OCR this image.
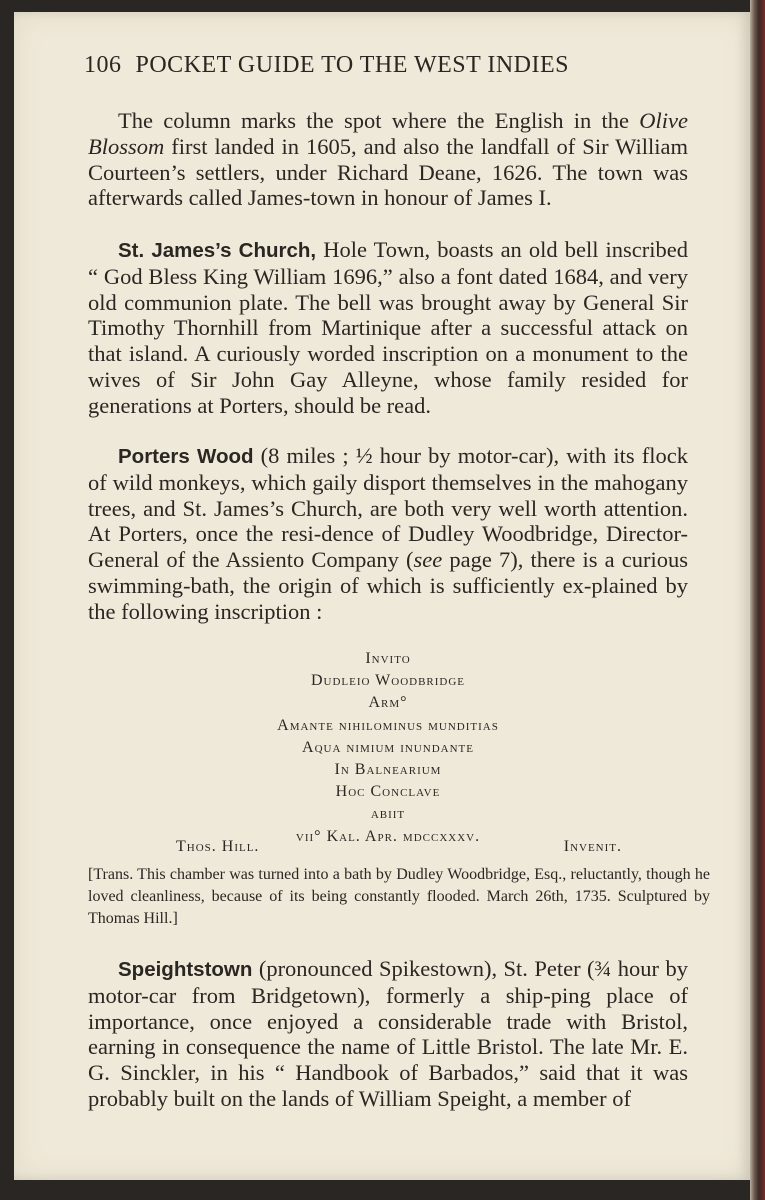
106 POCKET GUIDE TO THE WEST INDIES

The column marks the spot where the English in the Olive Blossom first landed in 1605, and also the landfall of Sir William Courteen’s settlers, under Richard Deane, 1626. The town was afterwards called James-town in honour of James I.

St. James’s Church, Hole Town, boasts an old bell inscribed “ God Bless King William 1696,” also a font dated 1684, and very old communion plate. The bell was brought away by General Sir Timothy Thornhill from Martinique after a successful attack on that island. A curiously worded inscription on a monument to the wives of Sir John Gay Alleyne, whose family resided for generations at Porters, should be read.

Porters Wood (8 miles ; ½ hour by motor-car), with its flock of wild monkeys, which gaily disport themselves in the mahogany trees, and St. James’s Church, are both very well worth attention. At Porters, once the resi-dence of Dudley Woodbridge, Director-General of the Assiento Company (see page 7), there is a curious swimming-bath, the origin of which is sufficiently ex-plained by the following inscription :

Invito
Dudleio Woodbridge
Arm°
Amante nihilominus munditias
Aqua nimium inundante
In Balnearium
Hoc Conclave
abiit
vii° Kal. Apr. mdccxxxv.
Thos. Hill.	Invenit.

[Trans. This chamber was turned into a bath by Dudley Woodbridge, Esq., reluctantly, though he loved cleanliness, because of its being constantly flooded. March 26th, 1735. Sculptured by Thomas Hill.]

Speightstown (pronounced Spikestown), St. Peter (¾ hour by motor-car from Bridgetown), formerly a ship-ping place of importance, once enjoyed a considerable trade with Bristol, earning in consequence the name of Little Bristol. The late Mr. E. G. Sinckler, in his “ Handbook of Barbados,” said that it was probably built on the lands of William Speight, a member of
